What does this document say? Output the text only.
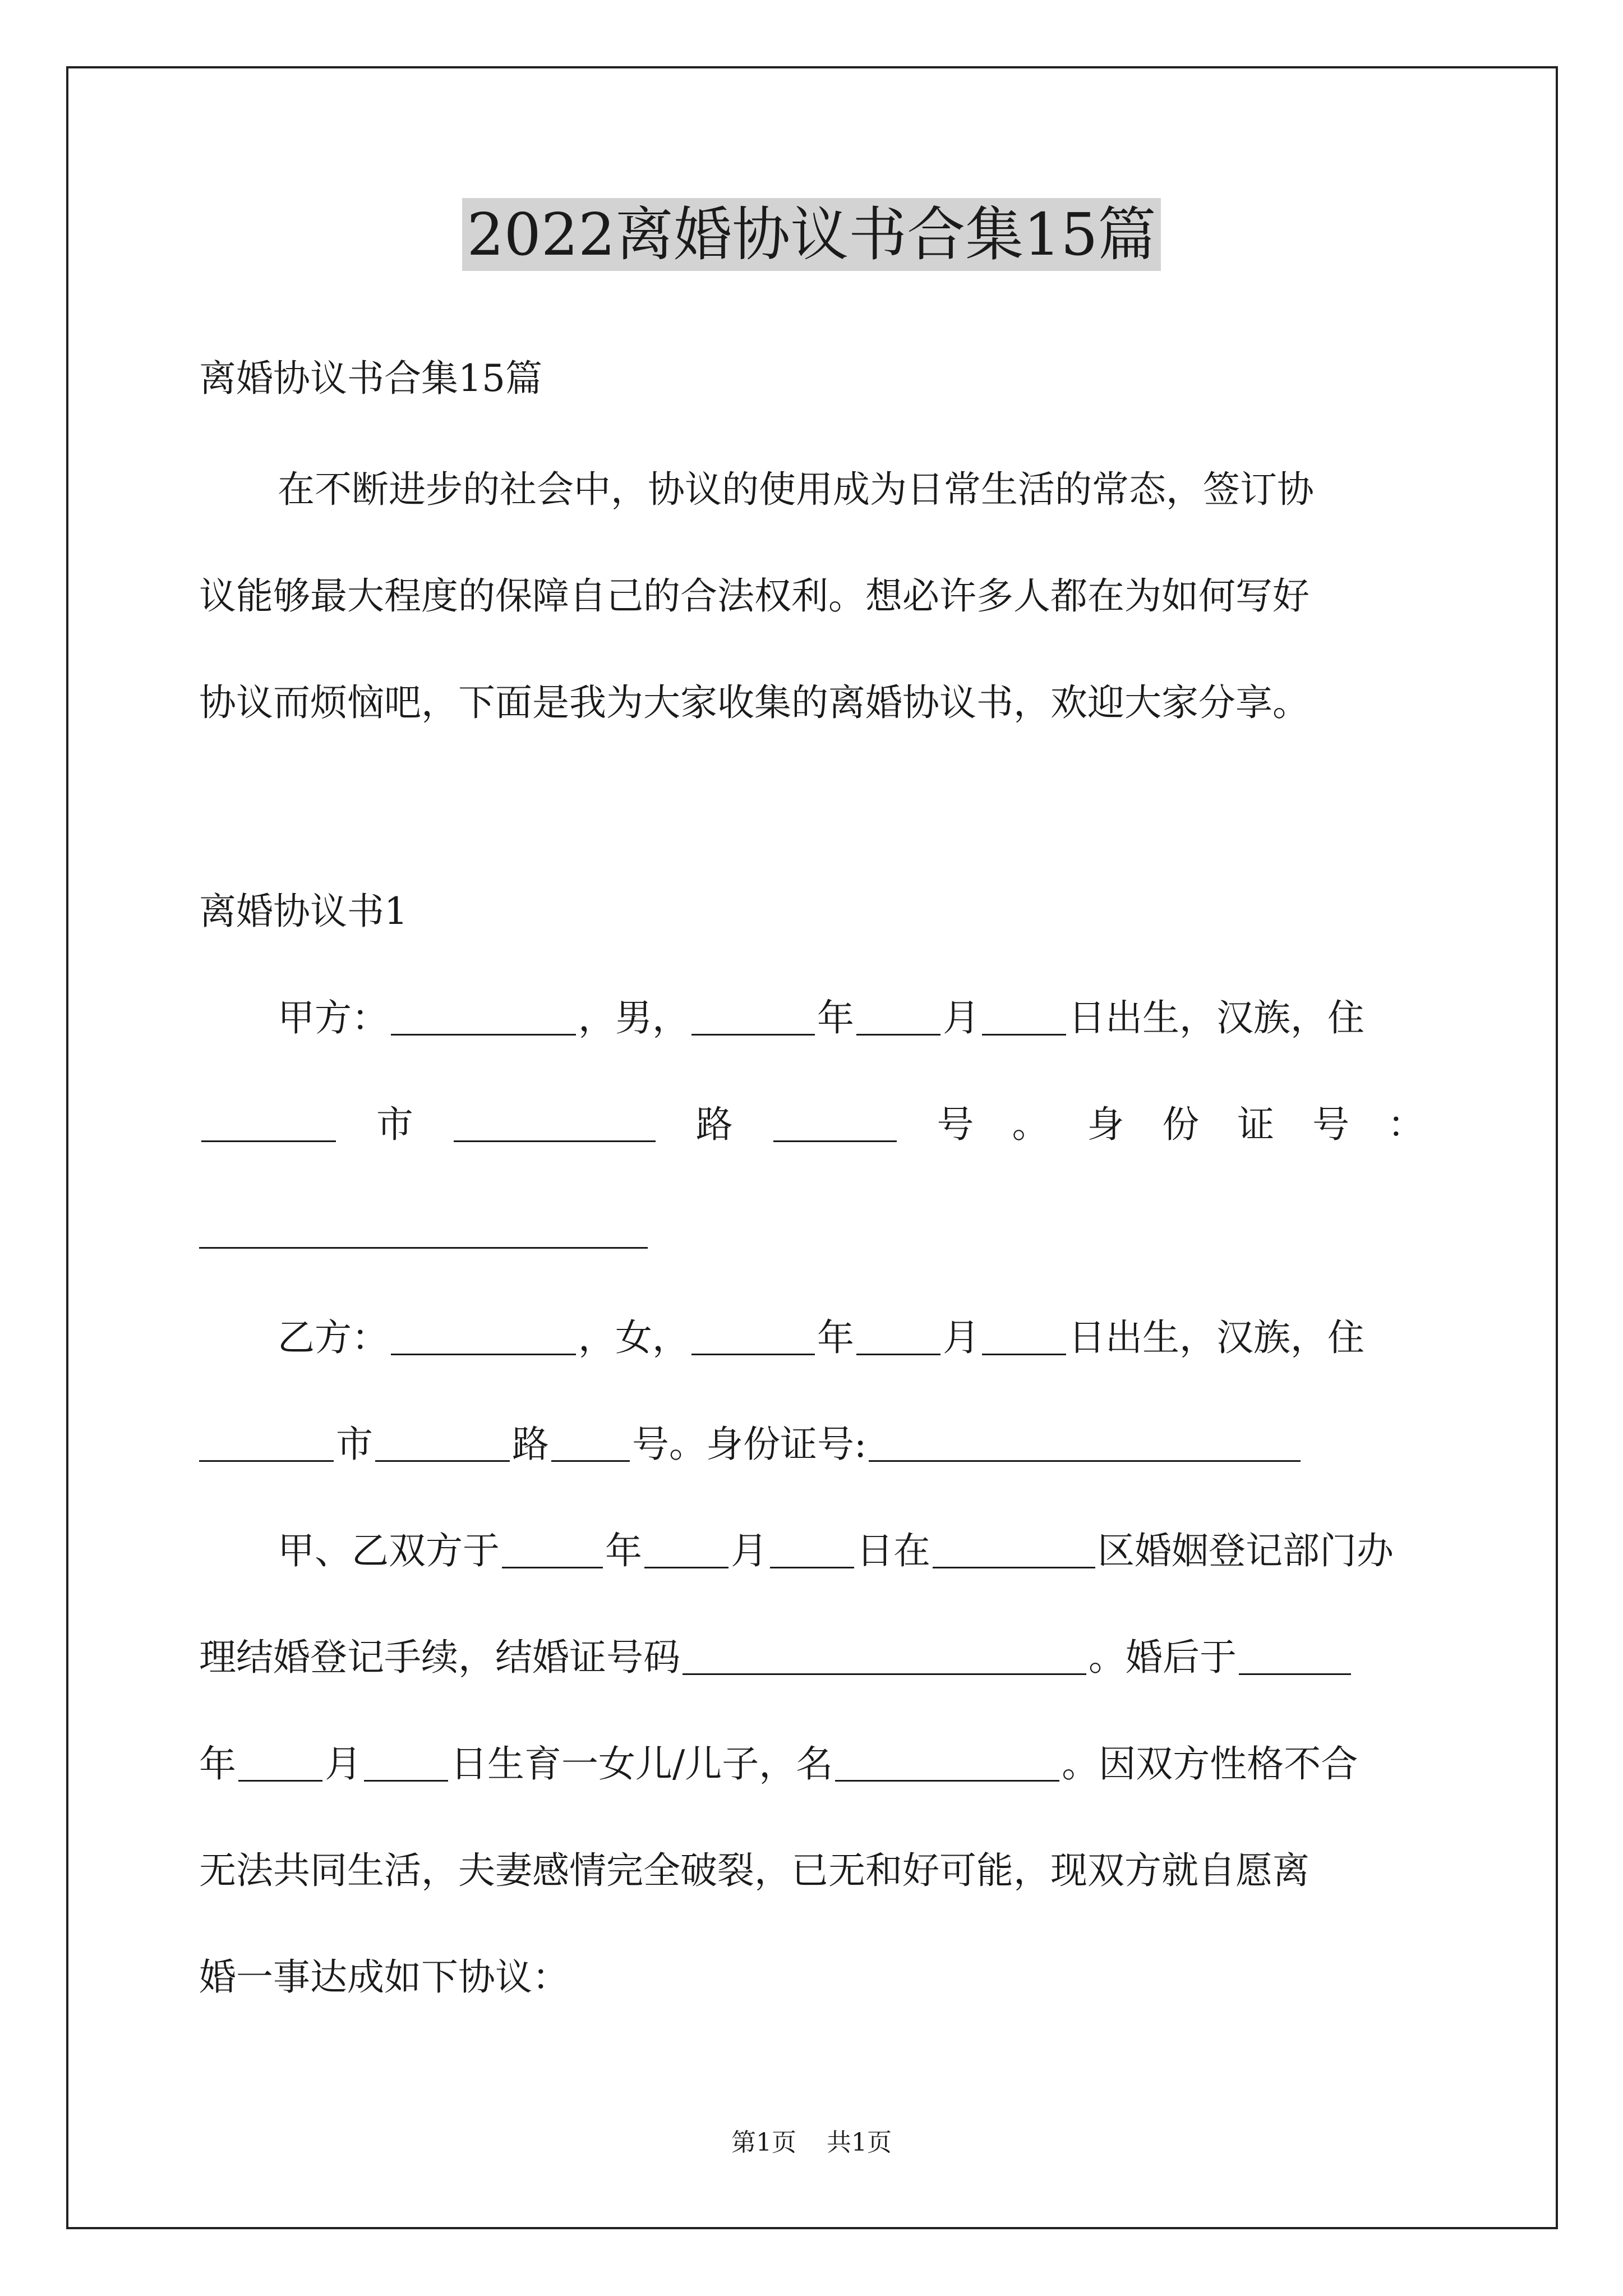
2022离婚协议书合集15篇

离婚协议书合集15篇

在不断进步的社会中，协议的使用成为日常生活的常态，签订协
议能够最大程度的保障自己的合法权利。想必许多人都在为如何写好
协议而烦恼吧，下面是我为大家收集的离婚协议书，欢迎大家分享。

离婚协议书1

甲方：	，男，	年 月 日出生，汉族，住
市	路	号 。 身 份 证 号 ：
乙方：	，女，	年 月 日出生，汉族，住
市	路 号。身份证号:
甲、乙双方于	年 月 日在	区婚姻登记部门办
理结婚登记手续，结婚证号码	。婚后于
年 月 日生育一女儿/儿子，名	。因双方性格不合
无法共同生活，夫妻感情完全破裂，已无和好可能，现双方就自愿离
婚一事达成如下协议：
第1页 共1页
